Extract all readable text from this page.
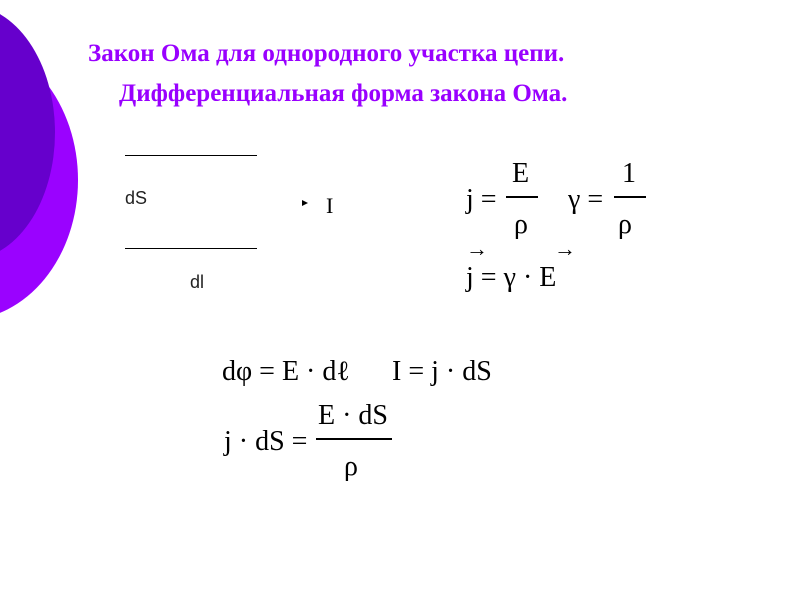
Закон Ома для однородного участка цепи.
Дифференциальная форма закона Ома.
dS
dl
I	j =
E
ρ
γ =
1
ρ
→	→
j = γ · E
dφ = E · dℓ I = j · dS
j · dS =
E · dS
ρ
